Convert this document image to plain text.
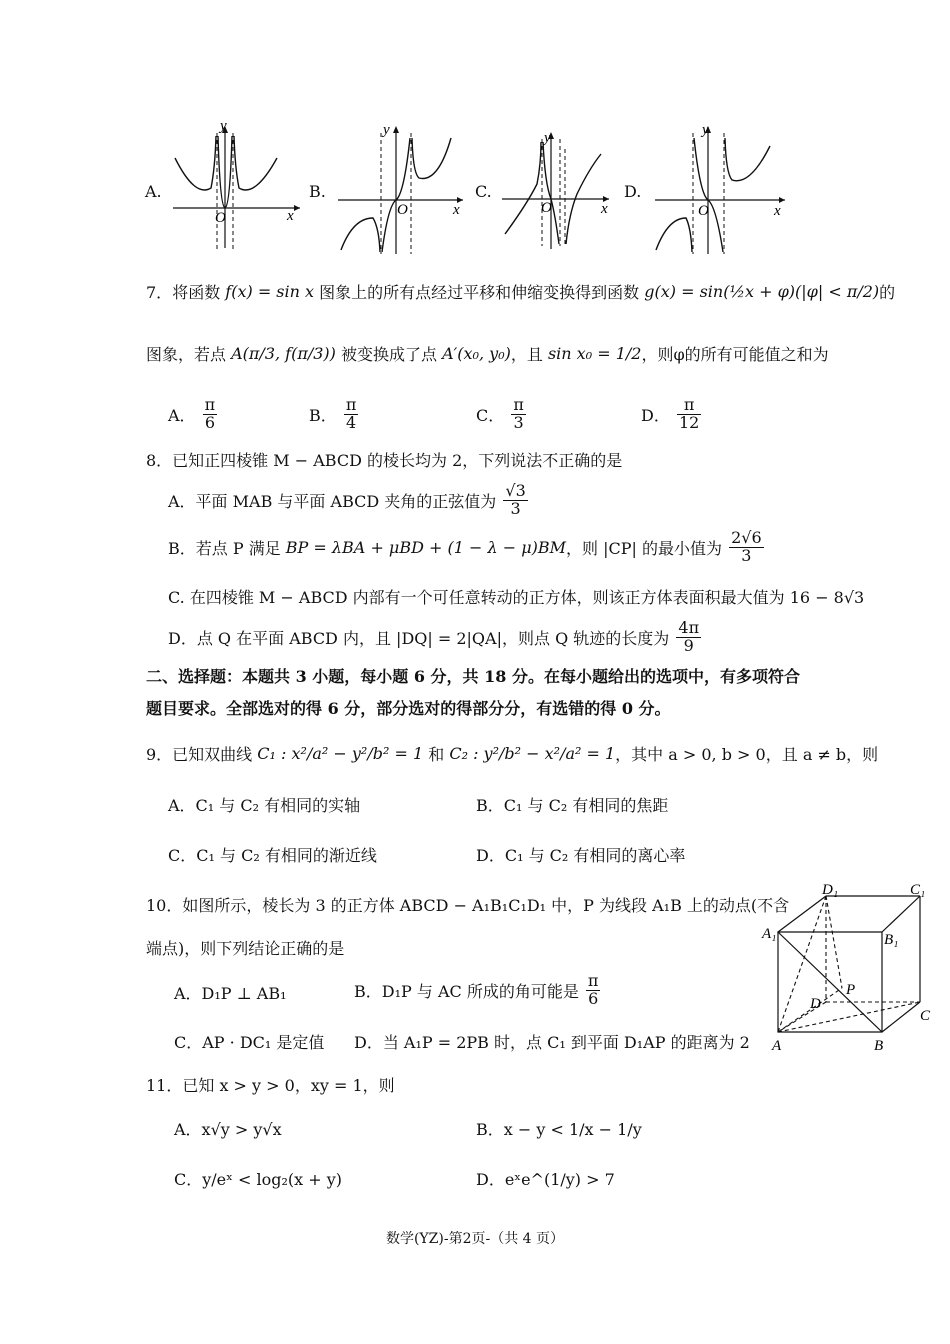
A.	B.	C.	D.
y
x
O
y
x
O
y
x
O
y
x
O
7．将函数 f(x) = sin x 图象上的所有点经过平移和伸缩变换得到函数 g(x) = sin(½x + φ)(|φ| < π/2)的
图象，若点 A(π/3, f(π/3)) 被变换成了点 A′(x₀, y₀)，且 sin x₀ = 1/2，则φ的所有可能值之和为
A． $\frac{\pi}{6}$	B． $\frac{\pi}{4}$	C． $\frac{\pi}{3}$	D． $\frac{\pi}{12}$
8．已知正四棱锥 M − ABCD 的棱长均为 2，下列说法不正确的是
A．平面 MAB 与平面 ABCD 夹角的正弦值为 $\frac{√3}{3}$
B．若点 P 满足 BP = λBA + μBD + (1 − λ − μ)BM，则 |CP| 的最小值为 $\frac{2√6}{3}$
C. 在四棱锥 M − ABCD 内部有一个可任意转动的正方体，则该正方体表面积最大值为 16 − 8√3
D．点 Q 在平面 ABCD 内，且 |DQ| = 2|QA|，则点 Q 轨迹的长度为 $\frac{4\pi}{9}$
二、选择题：本题共 3 小题，每小题 6 分，共 18 分。在每小题给出的选项中，有多项符合
题目要求。全部选对的得 6 分，部分选对的得部分分，有选错的得 0 分。
9．已知双曲线 C₁ : x²/a² − y²/b² = 1 和 C₂ : y²/b² − x²/a² = 1，其中 a > 0, b > 0，且 a ≠ b，则
A．C₁ 与 C₂ 有相同的实轴	B．C₁ 与 C₂ 有相同的焦距
C．C₁ 与 C₂ 有相同的渐近线	D．C₁ 与 C₂ 有相同的离心率
10．如图所示，棱长为 3 的正方体 ABCD − A₁B₁C₁D₁ 中，P 为线段 A₁B 上的动点(不含
端点)，则下列结论正确的是
A．D₁P ⊥ AB₁	B．D₁P 与 AC 所成的角可能是 $\frac{\pi}{6}$
C．AP · DC₁ 是定值 D．当 A₁P = 2PB 时，点 C₁ 到平面 D₁AP 的距离为 2
D₁	C₁
A₁	B₁
D
P
C
A	B
11．已知 x > y > 0，xy = 1，则
A．x√y > y√x	B．x − y < 1/x − 1/y
C．y/eˣ < log₂(x + y)	D．eˣe^(1/y) > 7
数学(YZ)-第2页-（共 4 页）
